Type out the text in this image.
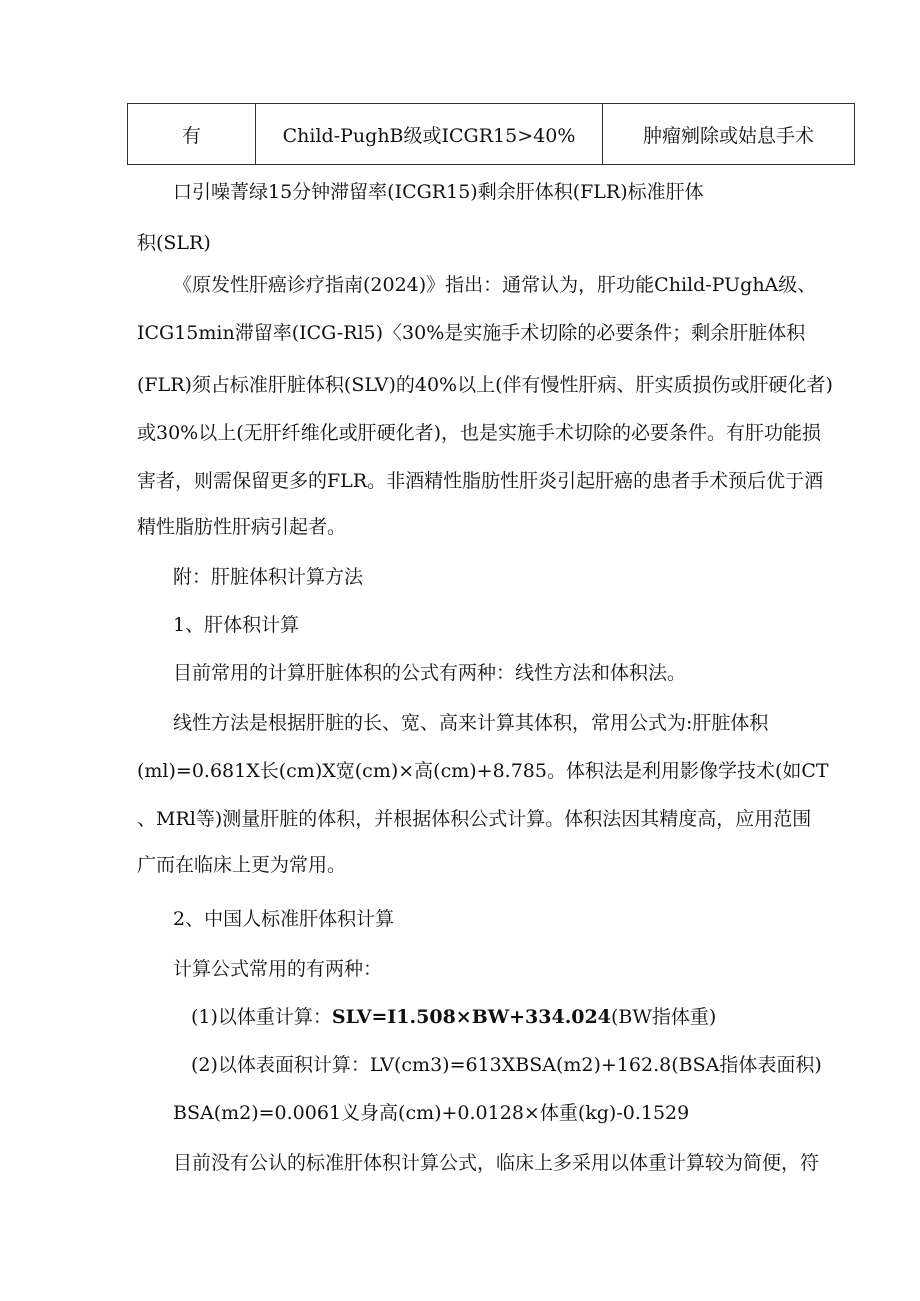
有	Child-PughB级或ICGR15>40%	肿瘤剜除或姑息手术

口引噪菁绿15分钟滞留率(ICGR15)剩余肝体积(FLR)标准肝体

积(SLR)

《原发性肝癌诊疗指南(2024)》指出：通常认为，肝功能Child-PUghA级、

ICG15min滞留率(ICG-Rl5)〈30%是实施手术切除的必要条件；剩余肝脏体积

(FLR)须占标准肝脏体积(SLV)的40%以上(伴有慢性肝病、肝实质损伤或肝硬化者)

或30%以上(无肝纤维化或肝硬化者)，也是实施手术切除的必要条件。有肝功能损

害者，则需保留更多的FLR。非酒精性脂肪性肝炎引起肝癌的患者手术预后优于酒

精性脂肪性肝病引起者。

附：肝脏体积计算方法

1、肝体积计算

目前常用的计算肝脏体积的公式有两种：线性方法和体积法。

线性方法是根据肝脏的长、宽、高来计算其体积，常用公式为:肝脏体积

(ml)=0.681X长(cm)X宽(cm)×高(cm)+8.785。体积法是利用影像学技术(如CT

、MRl等)测量肝脏的体积，并根据体积公式计算。体积法因其精度高，应用范围

广而在临床上更为常用。

2、中国人标准肝体积计算

计算公式常用的有两种：

(1)以体重计算：SLV=I1.508×BW+334.024(BW指体重)

(2)以体表面积计算：LV(cm3)=613XBSA(m2)+162.8(BSA指体表面积)

BSA(m2)=0.0061义身高(cm)+0.0128×体重(kg)-0.1529

目前没有公认的标准肝体积计算公式，临床上多采用以体重计算较为简便，符
